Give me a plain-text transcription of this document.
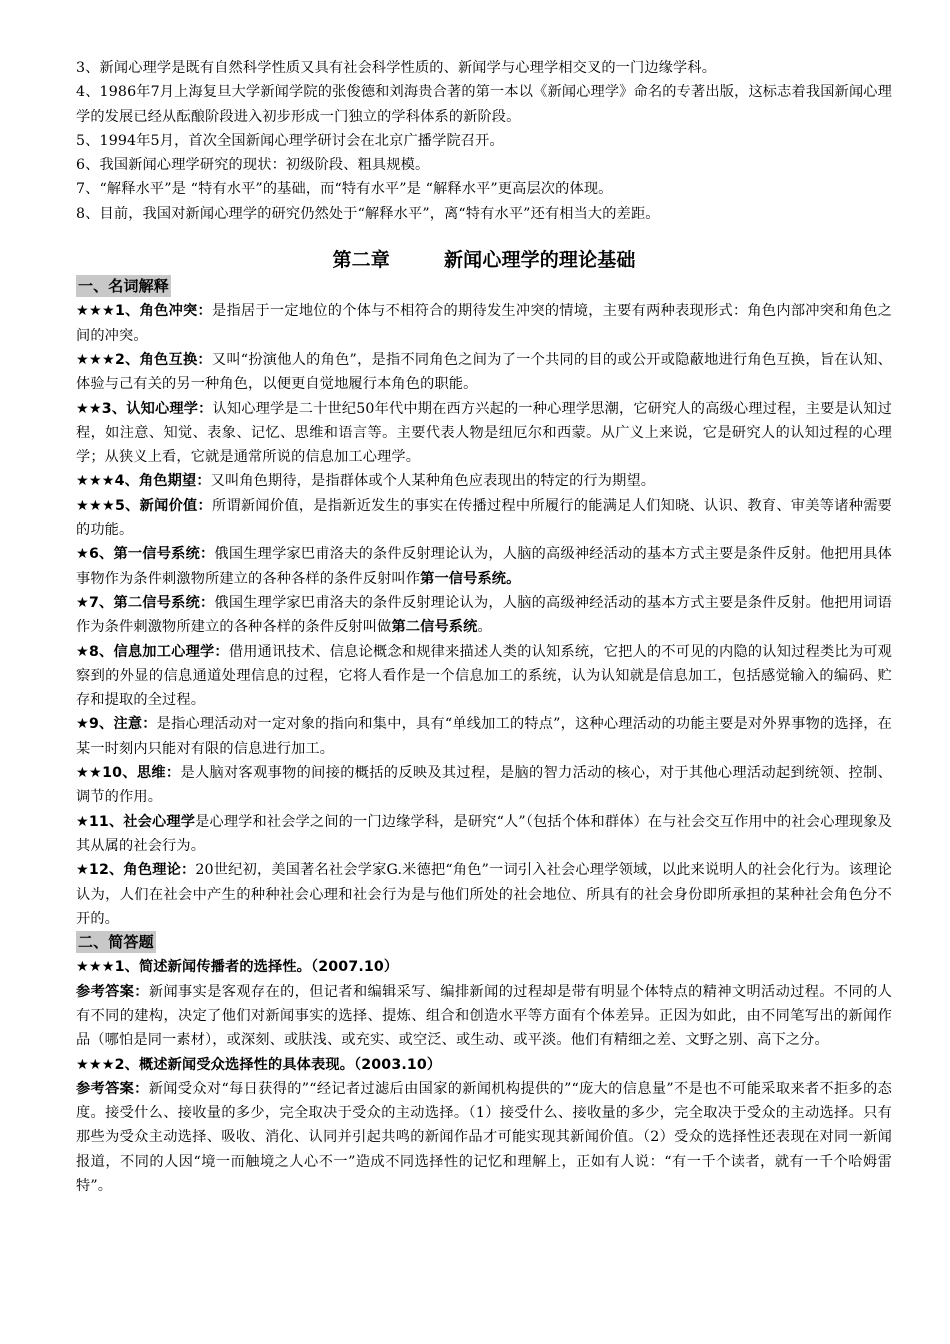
3、新闻心理学是既有自然科学性质又具有社会科学性质的、新闻学与心理学相交叉的一门边缘学科。

4、1986年7月上海复旦大学新闻学院的张俊德和刘海贵合著的第一本以《新闻心理学》命名的专著出版，这标志着我国新闻心理学的发展已经从酝酿阶段进入初步形成一门独立的学科体系的新阶段。

5、1994年5月，首次全国新闻心理学研讨会在北京广播学院召开。

6、我国新闻心理学研究的现状：初级阶段、粗具规模。

7、“解释水平”是 “特有水平”的基础，而“特有水平”是 “解释水平”更高层次的体现。

8、目前，我国对新闻心理学的研究仍然处于“解释水平”，离“特有水平”还有相当大的差距。

第二章	新闻心理学的理论基础
一、名词解释

★★★1、角色冲突：是指居于一定地位的个体与不相符合的期待发生冲突的情境，主要有两种表现形式：角色内部冲突和角色之间的冲突。

★★★2、角色互换：又叫“扮演他人的角色”，是指不同角色之间为了一个共同的目的或公开或隐蔽地进行角色互换，旨在认知、体验与己有关的另一种角色，以便更自觉地履行本角色的职能。

★★3、认知心理学：认知心理学是二十世纪50年代中期在西方兴起的一种心理学思潮，它研究人的高级心理过程，主要是认知过程，如注意、知觉、表象、记忆、思维和语言等。主要代表人物是纽厄尔和西蒙。从广义上来说，它是研究人的认知过程的心理学；从狭义上看，它就是通常所说的信息加工心理学。

★★★4、角色期望：又叫角色期待，是指群体或个人某种角色应表现出的特定的行为期望。

★★★5、新闻价值：所谓新闻价值，是指新近发生的事实在传播过程中所履行的能满足人们知晓、认识、教育、审美等诸种需要的功能。

★6、第一信号系统：俄国生理学家巴甫洛夫的条件反射理论认为，人脑的高级神经活动的基本方式主要是条件反射。他把用具体事物作为条件刺激物所建立的各种各样的条件反射叫作第一信号系统。

★7、第二信号系统：俄国生理学家巴甫洛夫的条件反射理论认为，人脑的高级神经活动的基本方式主要是条件反射。他把用词语作为条件刺激物所建立的各种各样的条件反射叫做第二信号系统。

★8、信息加工心理学：借用通讯技术、信息论概念和规律来描述人类的认知系统，它把人的不可见的内隐的认知过程类比为可观察到的外显的信息通道处理信息的过程，它将人看作是一个信息加工的系统，认为认知就是信息加工，包括感觉输入的编码、贮存和提取的全过程。

★9、注意：是指心理活动对一定对象的指向和集中，具有“单线加工的特点”，这种心理活动的功能主要是对外界事物的选择，在某一时刻内只能对有限的信息进行加工。

★★10、思维：是人脑对客观事物的间接的概括的反映及其过程，是脑的智力活动的核心，对于其他心理活动起到统领、控制、调节的作用。

★11、社会心理学是心理学和社会学之间的一门边缘学科，是研究“人”（包括个体和群体）在与社会交互作用中的社会心理现象及其从属的社会行为。

★12、角色理论：20世纪初，美国著名社会学家G.米德把“角色”一词引入社会心理学领域，以此来说明人的社会化行为。该理论认为，人们在社会中产生的种种社会心理和社会行为是与他们所处的社会地位、所具有的社会身份即所承担的某种社会角色分不开的。

二、简答题

★★★1、简述新闻传播者的选择性。（2007.10）

参考答案：新闻事实是客观存在的，但记者和编辑采写、编排新闻的过程却是带有明显个体特点的精神文明活动过程。不同的人有不同的建构，决定了他们对新闻事实的选择、提炼、组合和创造水平等方面有个体差异。正因为如此，由不同笔写出的新闻作品（哪怕是同一素材），或深刻、或肤浅、或充实、或空泛、或生动、或平淡。他们有精细之差、文野之别、高下之分。

★★★2、概述新闻受众选择性的具体表现。（2003.10）

参考答案：新闻受众对“每日获得的”“经记者过滤后由国家的新闻机构提供的”“庞大的信息量”不是也不可能采取来者不拒多的态度。接受什么、接收量的多少，完全取决于受众的主动选择。（1）接受什么、接收量的多少，完全取决于受众的主动选择。只有那些为受众主动选择、吸收、消化、认同并引起共鸣的新闻作品才可能实现其新闻价值。（2）受众的选择性还表现在对同一新闻报道，不同的人因“境一而触境之人心不一”造成不同选择性的记忆和理解上，正如有人说：“有一千个读者，就有一千个哈姆雷特”。
